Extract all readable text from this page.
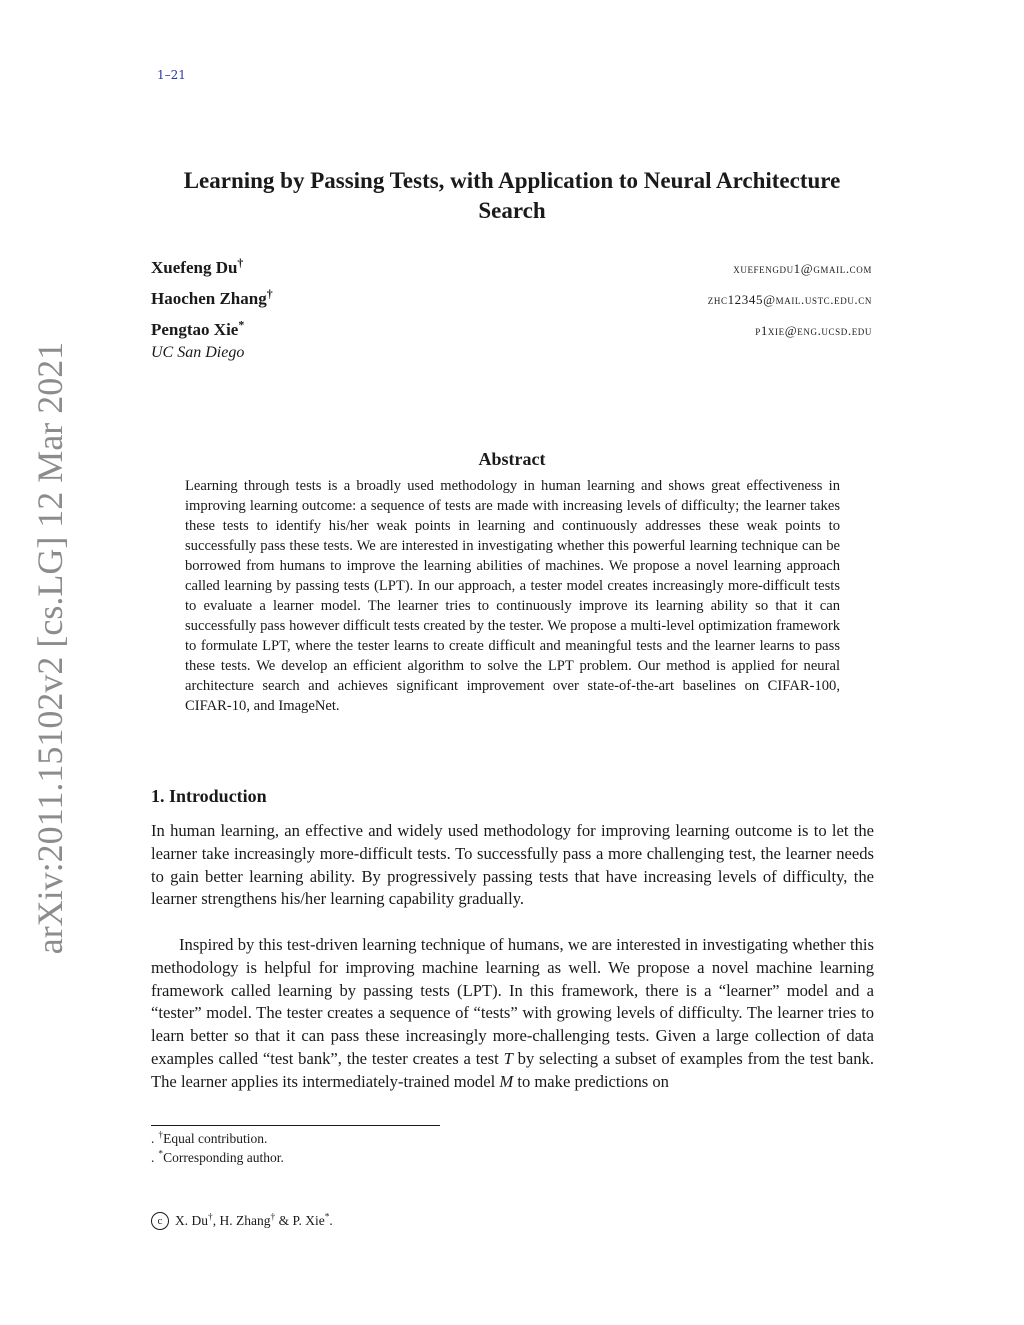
1–21
arXiv:2011.15102v2 [cs.LG] 12 Mar 2021
Learning by Passing Tests, with Application to Neural Architecture Search
Xuefeng Du†	xuefengdu1@gmail.com
Haochen Zhang†	zhc12345@mail.ustc.edu.cn
Pengtao Xie*	p1xie@eng.ucsd.edu
UC San Diego
Abstract
Learning through tests is a broadly used methodology in human learning and shows great effectiveness in improving learning outcome: a sequence of tests are made with increasing levels of difficulty; the learner takes these tests to identify his/her weak points in learning and continuously addresses these weak points to successfully pass these tests. We are interested in investigating whether this powerful learning technique can be borrowed from humans to improve the learning abilities of machines. We propose a novel learning approach called learning by passing tests (LPT). In our approach, a tester model creates increasingly more-difficult tests to evaluate a learner model. The learner tries to continuously improve its learning ability so that it can successfully pass however difficult tests created by the tester. We propose a multi-level optimization framework to formulate LPT, where the tester learns to create difficult and meaningful tests and the learner learns to pass these tests. We develop an efficient algorithm to solve the LPT problem. Our method is applied for neural architecture search and achieves significant improvement over state-of-the-art baselines on CIFAR-100, CIFAR-10, and ImageNet.
1. Introduction

In human learning, an effective and widely used methodology for improving learning outcome is to let the learner take increasingly more-difficult tests. To successfully pass a more challenging test, the learner needs to gain better learning ability. By progressively passing tests that have increasing levels of difficulty, the learner strengthens his/her learning capability gradually.

Inspired by this test-driven learning technique of humans, we are interested in investigating whether this methodology is helpful for improving machine learning as well. We propose a novel machine learning framework called learning by passing tests (LPT). In this framework, there is a “learner” model and a “tester” model. The tester creates a sequence of “tests” with growing levels of difficulty. The learner tries to learn better so that it can pass these increasingly more-challenging tests. Given a large collection of data examples called “test bank”, the tester creates a test T by selecting a subset of examples from the test bank. The learner applies its intermediately-trained model M to make predictions on

. †Equal contribution.
. *Corresponding author.
c X. Du†, H. Zhang† & P. Xie*.
